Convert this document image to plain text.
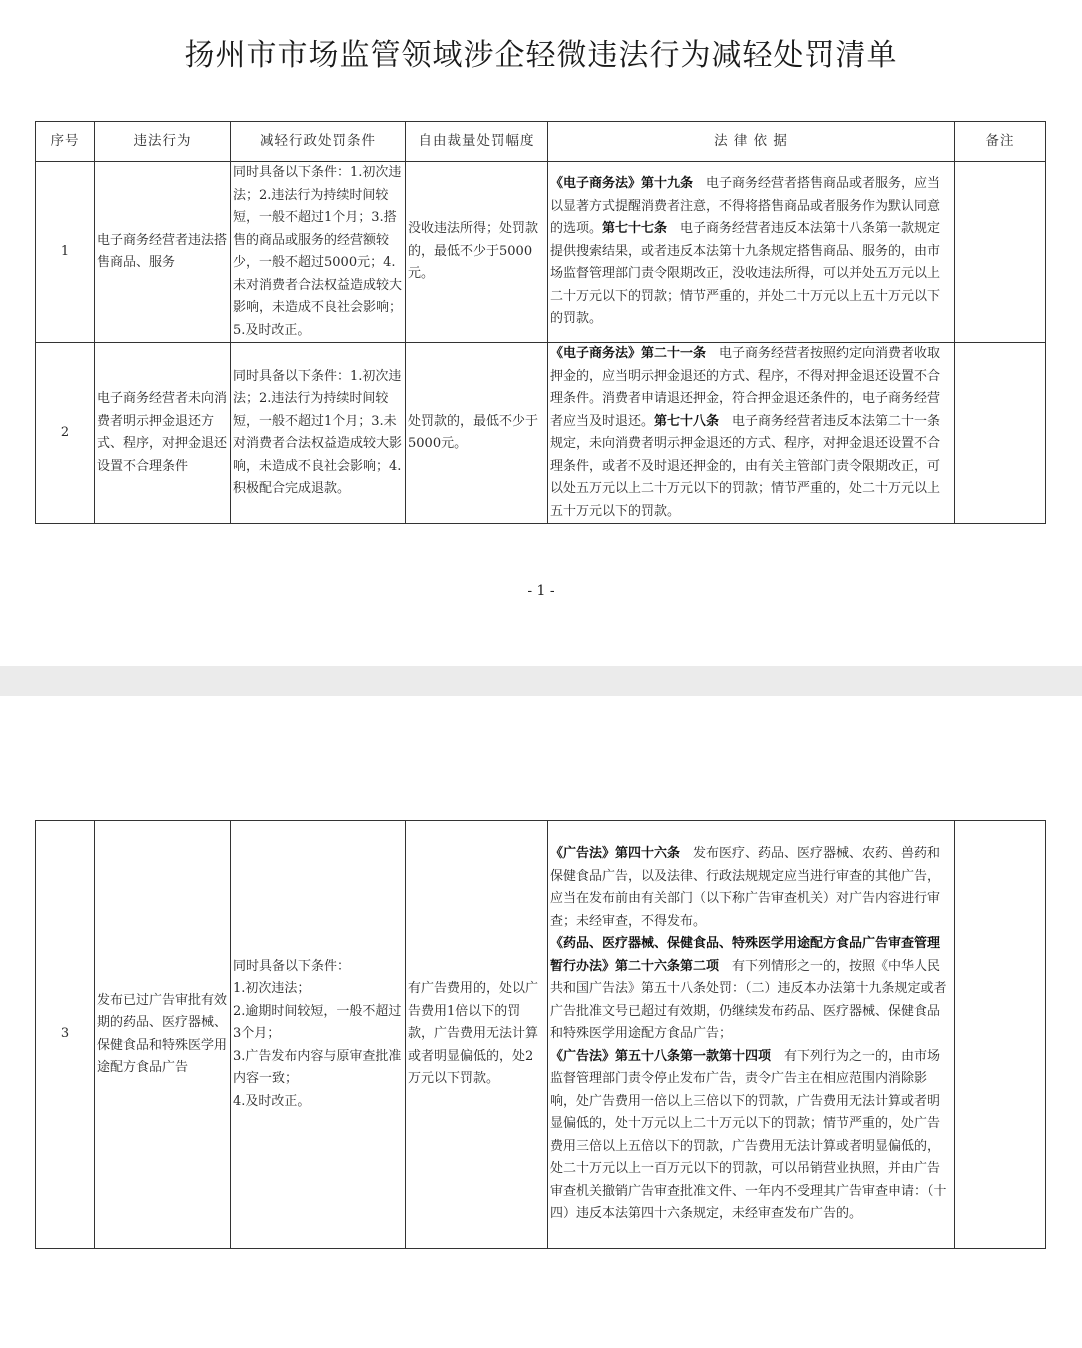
扬州市市场监管领域涉企轻微违法行为减轻处罚清单
序号	违法行为	减轻行政处罚条件	自由裁量处罚幅度	法 律 依 据	备注
1	电子商务经营者违法搭售商品、服务	同时具备以下条件：1.初次违法；2.违法行为持续时间较短，一般不超过1个月；3.搭售的商品或服务的经营额较少，一般不超过5000元；4.未对消费者合法权益造成较大影响，未造成不良社会影响；5.及时改正。	没收违法所得；处罚款的，最低不少于5000元。	《电子商务法》第十九条　电子商务经营者搭售商品或者服务，应当以显著方式提醒消费者注意，不得将搭售商品或者服务作为默认同意的选项。第七十七条　电子商务经营者违反本法第十八条第一款规定提供搜索结果，或者违反本法第十九条规定搭售商品、服务的，由市场监督管理部门责令限期改正，没收违法所得，可以并处五万元以上二十万元以下的罚款；情节严重的，并处二十万元以上五十万元以下的罚款。	

2	电子商务经营者未向消费者明示押金退还方式、程序，对押金退还设置不合理条件	同时具备以下条件：1.初次违法；2.违法行为持续时间较短，一般不超过1个月；3.未对消费者合法权益造成较大影响，未造成不良社会影响；4.积极配合完成退款。	处罚款的，最低不少于5000元。	《电子商务法》第二十一条　电子商务经营者按照约定向消费者收取押金的，应当明示押金退还的方式、程序，不得对押金退还设置不合理条件。消费者申请退还押金，符合押金退还条件的，电子商务经营者应当及时退还。第七十八条　电子商务经营者违反本法第二十一条规定，未向消费者明示押金退还的方式、程序，对押金退还设置不合理条件，或者不及时退还押金的，由有关主管部门责令限期改正，可以处五万元以上二十万元以下的罚款；情节严重的，处二十万元以上五十万元以下的罚款。	

- 1 -
3	发布已过广告审批有效期的药品、医疗器械、保健食品和特殊医学用途配方食品广告	同时具备以下条件：
1.初次违法；
2.逾期时间较短，一般不超过3个月；
3.广告发布内容与原审查批准内容一致；
4.及时改正。	有广告费用的，处以广告费用1倍以下的罚款，广告费用无法计算或者明显偏低的，处2万元以下罚款。	

《广告法》第四十六条　发布医疗、药品、医疗器械、农药、兽药和保健食品广告，以及法律、行政法规规定应当进行审查的其他广告，应当在发布前由有关部门（以下称广告审查机关）对广告内容进行审查；未经审查，不得发布。

《药品、医疗器械、保健食品、特殊医学用途配方食品广告审查管理暂行办法》第二十六条第二项　有下列情形之一的，按照《中华人民共和国广告法》第五十八条处罚：（二）违反本办法第十九条规定或者广告批准文号已超过有效期，仍继续发布药品、医疗器械、保健食品和特殊医学用途配方食品广告；

《广告法》第五十八条第一款第十四项　有下列行为之一的，由市场监督管理部门责令停止发布广告，责令广告主在相应范围内消除影响，处广告费用一倍以上三倍以下的罚款，广告费用无法计算或者明显偏低的，处十万元以上二十万元以下的罚款；情节严重的，处广告费用三倍以上五倍以下的罚款，广告费用无法计算或者明显偏低的，处二十万元以上一百万元以下的罚款，可以吊销营业执照，并由广告审查机关撤销广告审查批准文件、一年内不受理其广告审查申请：（十四）违反本法第四十六条规定，未经审查发布广告的。
